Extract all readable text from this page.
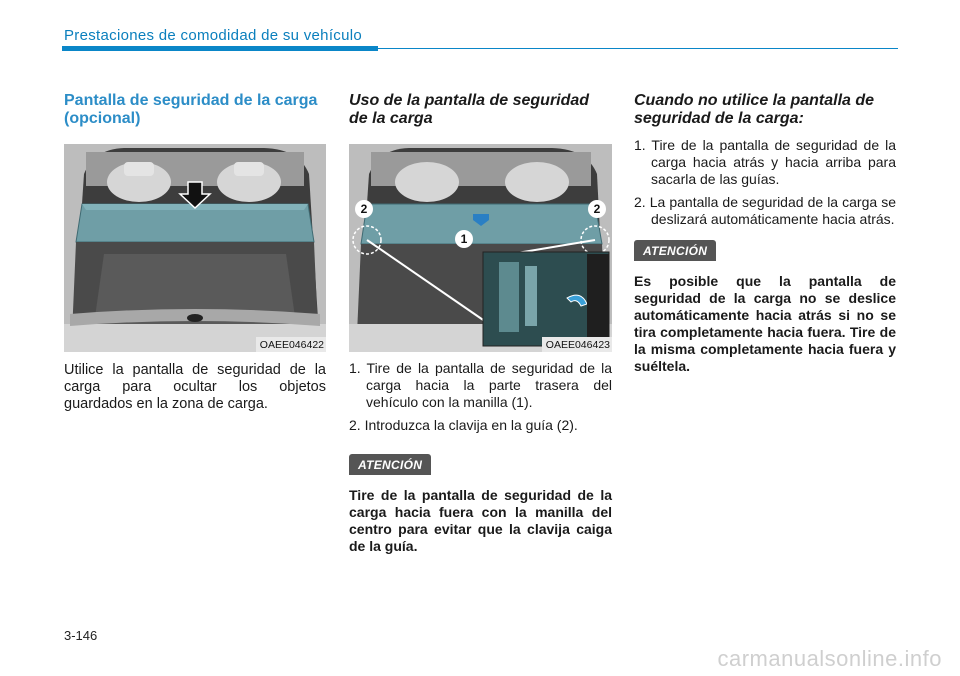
Prestaciones de comodidad de su vehículo
Pantalla de seguridad de la carga (opcional)
OAEE046422

Utilice la pantalla de seguridad de la carga para ocultar los objetos guardados en la zona de carga.

Uso de la pantalla de seguridad de la carga
2	2
1
OAEE046423
1. Tire de la pantalla de seguridad de la carga hacia la parte trasera del vehículo con la manilla (1).
2. Introduzca la clavija en la guía (2).
ATENCIÓN

Tire de la pantalla de seguridad de la carga hacia fuera con la manilla del centro para evitar que la clavija caiga de la guía.

Cuando no utilice la pantalla de seguridad de la carga:
1. Tire de la pantalla de seguridad de la carga hacia atrás y hacia arriba para sacarla de las guías.
2. La pantalla de seguridad de la carga se deslizará automáticamente hacia atrás.
ATENCIÓN

Es posible que la pantalla de seguridad de la carga no se deslice automáticamente hacia atrás si no se tira completamente hacia fuera. Tire de la misma completamente hacia fuera y suéltela.

3-146
carmanualsonline.info
